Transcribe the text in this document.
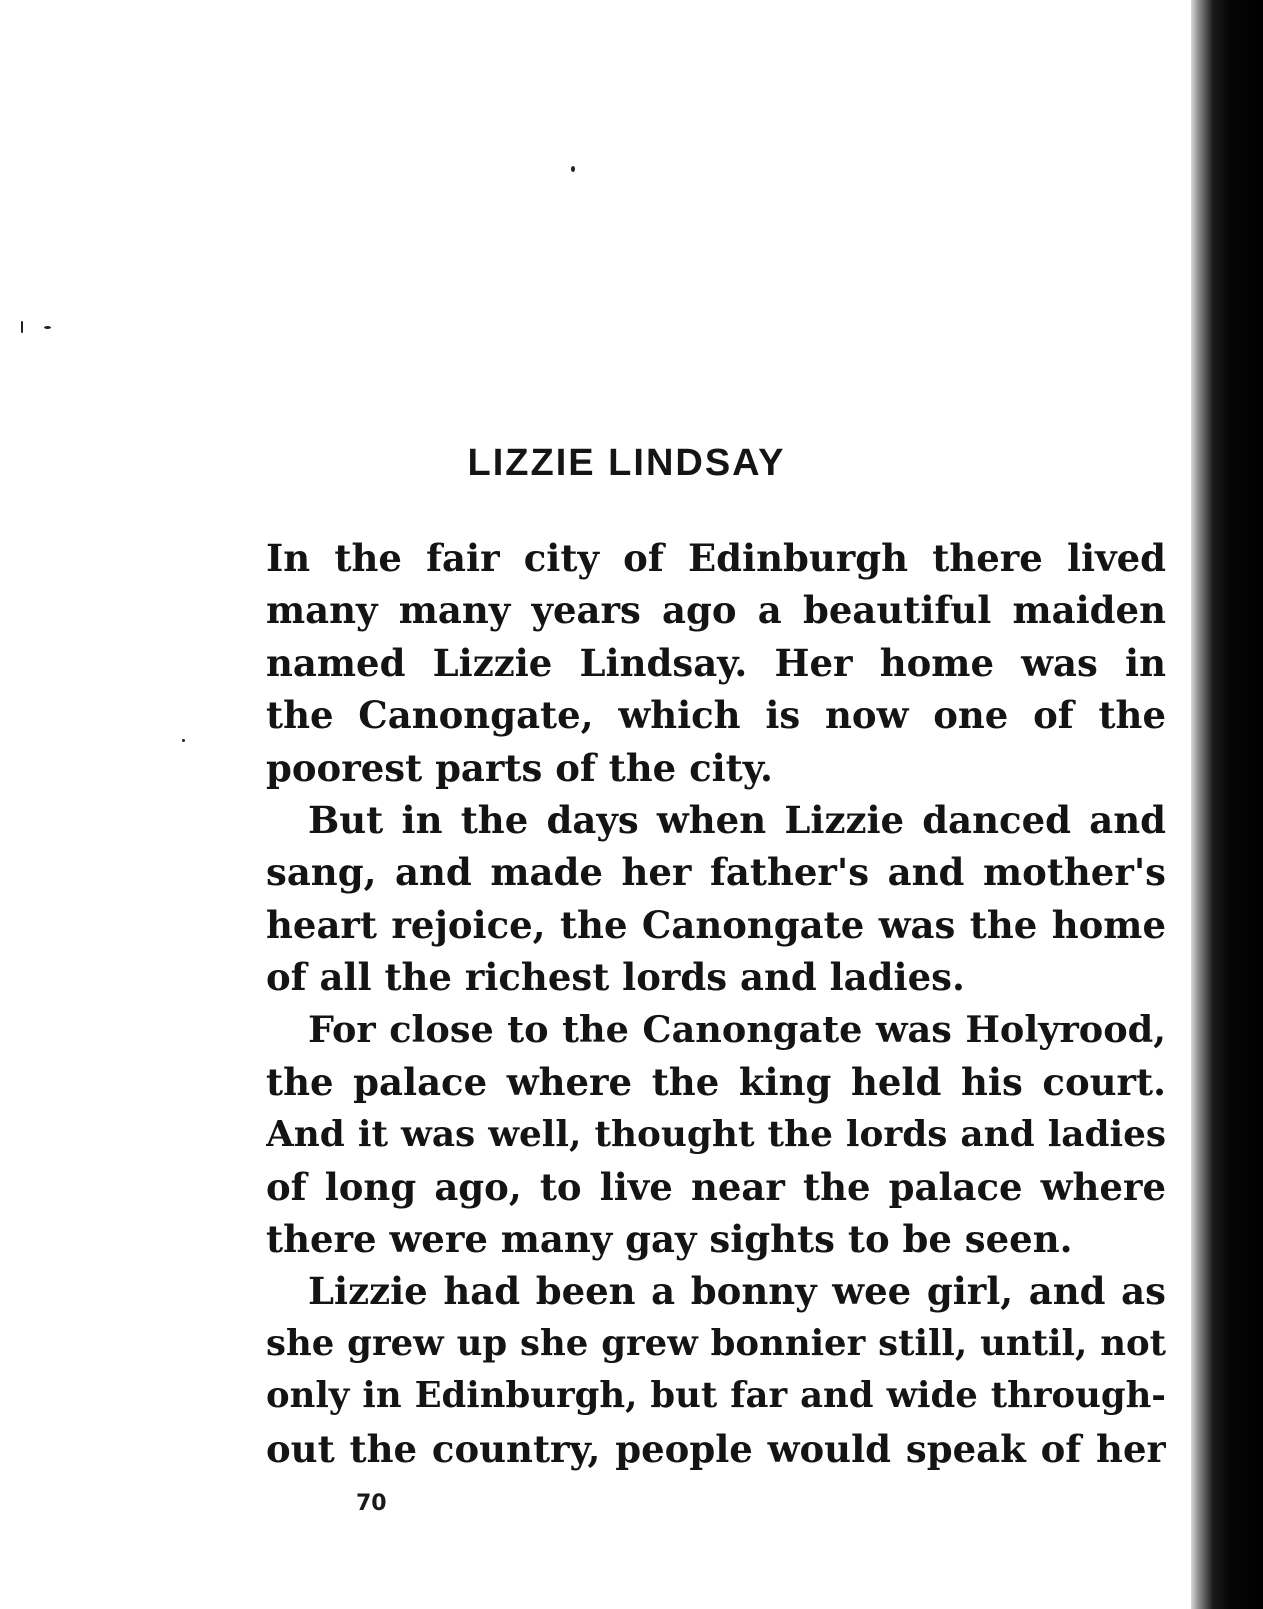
LIZZIE LINDSAY
In the fair city of Edinburgh there lived
many many years ago a beautiful maiden
named Lizzie Lindsay. Her home was in
the Canongate, which is now one of the
poorest parts of the city.
But in the days when Lizzie danced and
sang, and made her father's and mother's
heart rejoice, the Canongate was the home
of all the richest lords and ladies.
For close to the Canongate was Holyrood,
the palace where the king held his court.
And it was well, thought the lords and ladies
of long ago, to live near the palace where
there were many gay sights to be seen.
Lizzie had been a bonny wee girl, and as
she grew up she grew bonnier still, until, not
only in Edinburgh, but far and wide through-
out the country, people would speak of her
70
